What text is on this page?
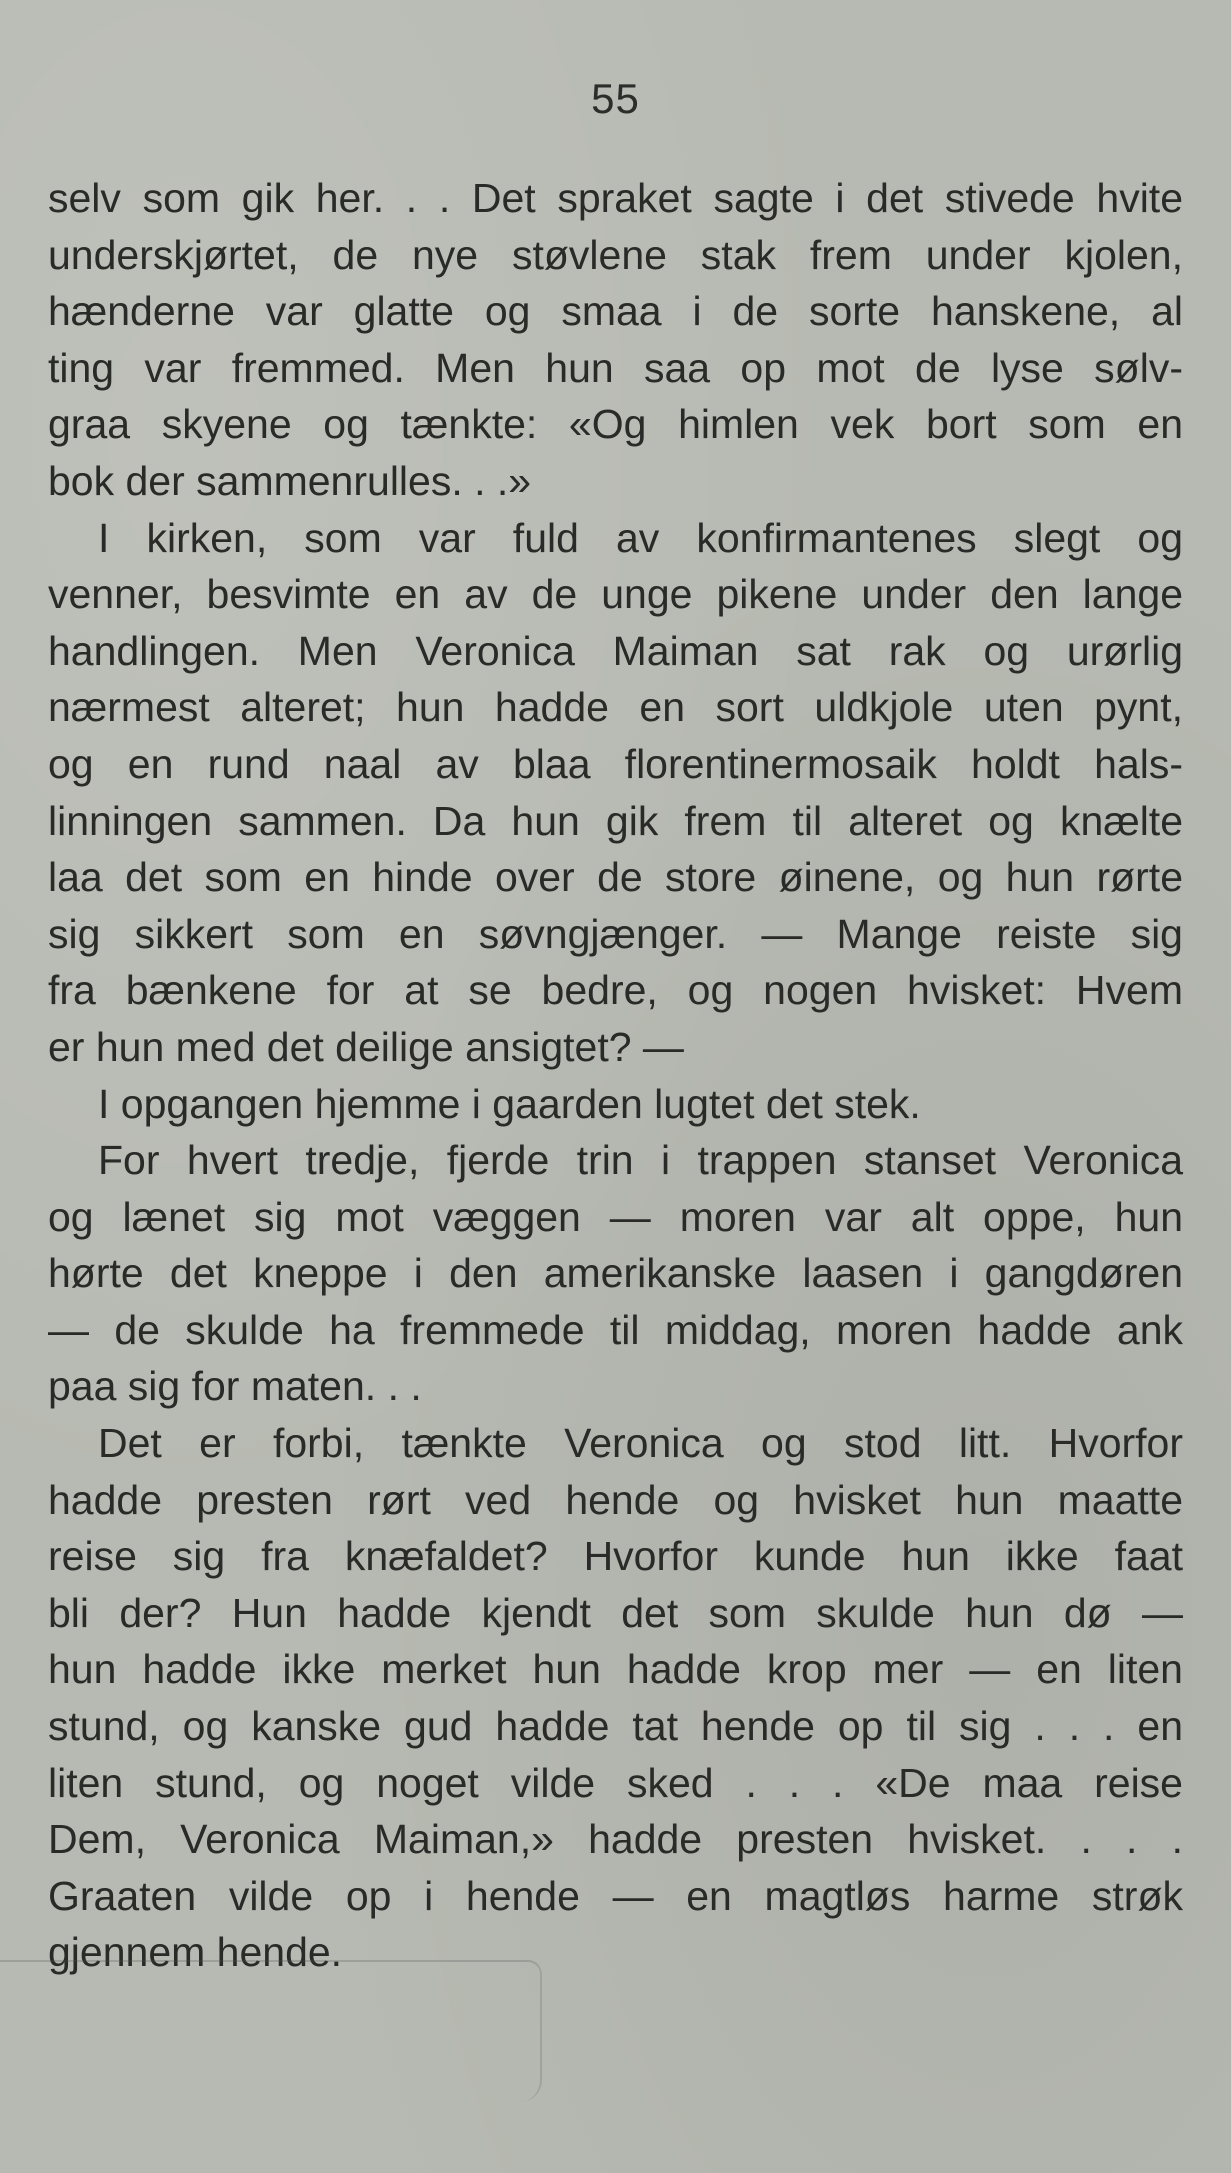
55
selv som gik her. . . Det spraket sagte i det stivede hvite
underskjørtet, de nye støvlene stak frem under kjolen,
hænderne var glatte og smaa i de sorte hanskene, al
ting var fremmed. Men hun saa op mot de lyse sølv-
graa skyene og tænkte: «Og himlen vek bort som en
bok der sammenrulles. . .»
I kirken, som var fuld av konfirmantenes slegt og
venner, besvimte en av de unge pikene under den lange
handlingen. Men Veronica Maiman sat rak og urørlig
nærmest alteret; hun hadde en sort uldkjole uten pynt,
og en rund naal av blaa florentinermosaik holdt hals-
linningen sammen. Da hun gik frem til alteret og knælte
laa det som en hinde over de store øinene, og hun rørte
sig sikkert som en søvngjænger. — Mange reiste sig
fra bænkene for at se bedre, og nogen hvisket: Hvem
er hun med det deilige ansigtet? —
I opgangen hjemme i gaarden lugtet det stek.
For hvert tredje, fjerde trin i trappen stanset Veronica
og lænet sig mot væggen — moren var alt oppe, hun
hørte det kneppe i den amerikanske laasen i gangdøren
— de skulde ha fremmede til middag, moren hadde ank
paa sig for maten. . .
Det er forbi, tænkte Veronica og stod litt. Hvorfor
hadde presten rørt ved hende og hvisket hun maatte
reise sig fra knæfaldet? Hvorfor kunde hun ikke faat
bli der? Hun hadde kjendt det som skulde hun dø —
hun hadde ikke merket hun hadde krop mer — en liten
stund, og kanske gud hadde tat hende op til sig . . . en
liten stund, og noget vilde sked . . . «De maa reise
Dem, Veronica Maiman,» hadde presten hvisket. . . .
Graaten vilde op i hende — en magtløs harme strøk
gjennem hende.
